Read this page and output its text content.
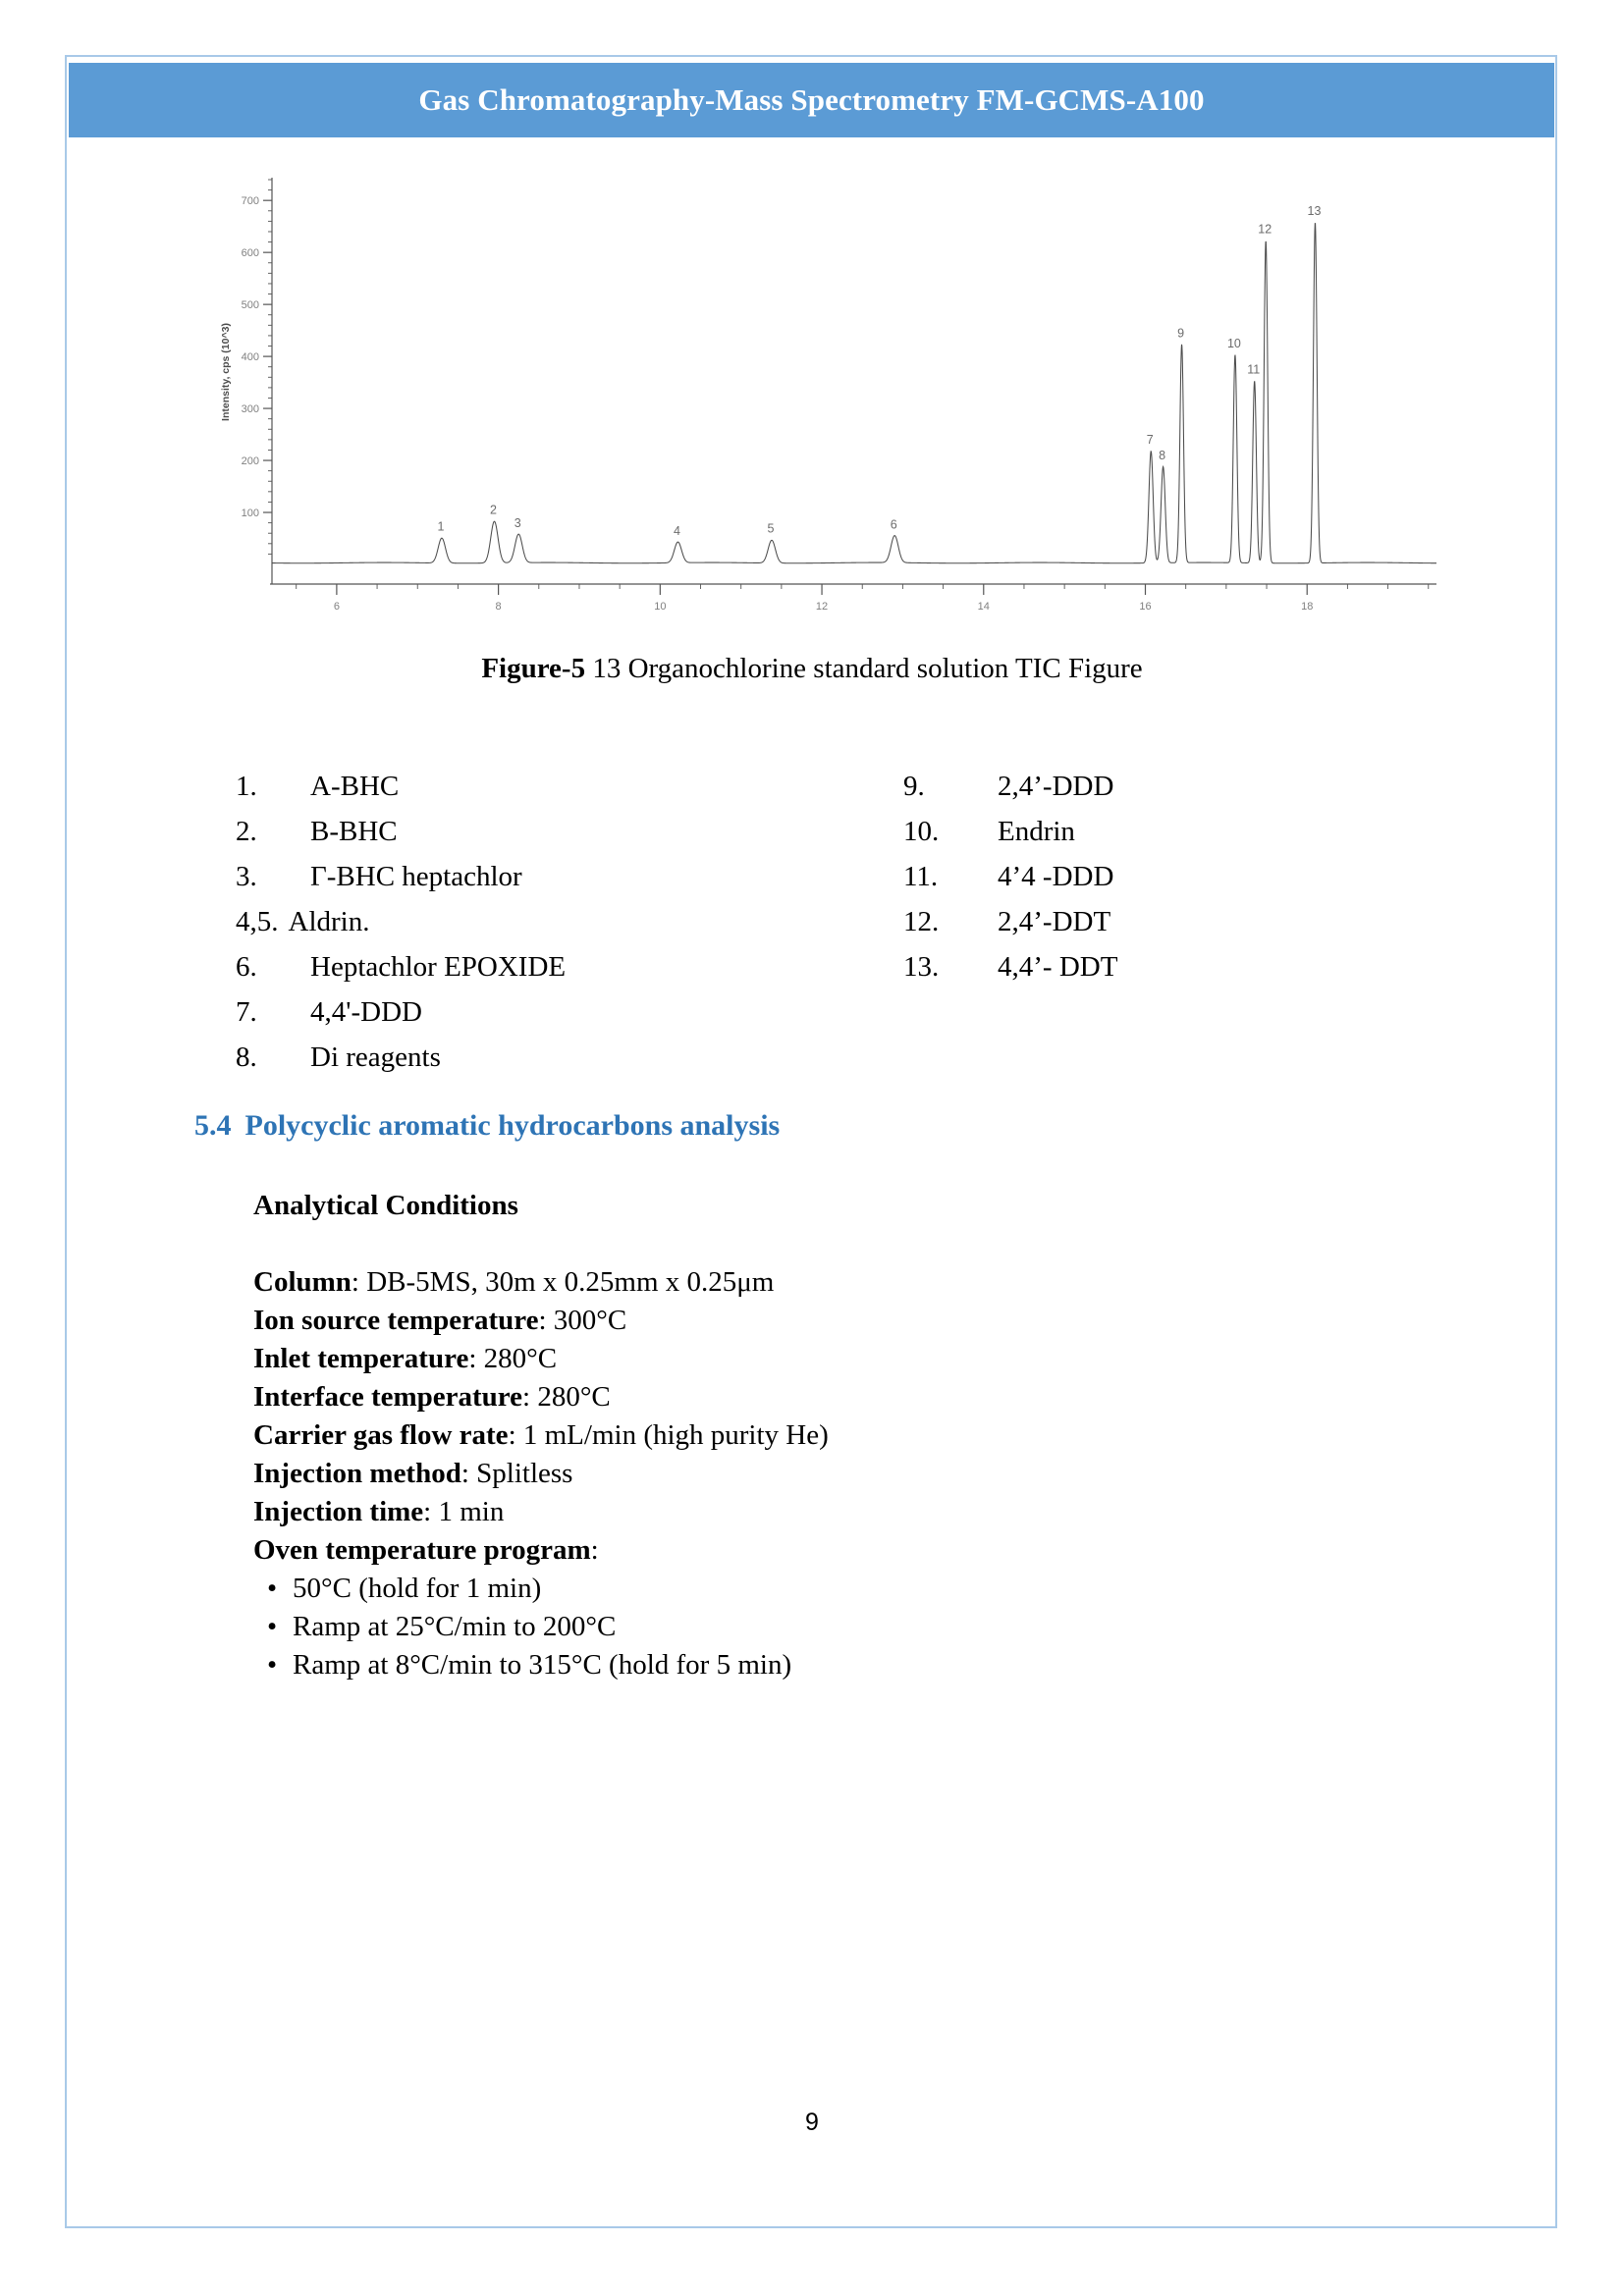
Gas Chromatography-Mass Spectrometry FM-GCMS-A100
100
200
300
400
500
600
700
Intensity, cps (10^3)
6	8	10	12	14	16	18
1
2
3
4	5	6
7
8
9
10
11
12
13
Figure-5 13 Organochlorine standard solution TIC Figure
1.	A-BHC
2.	B-BHC
3.	Γ-BHC heptachlor
4,5. Aldrin.
6.	Heptachlor EPOXIDE
7.	4,4'-DDD
8.	Di reagents
9.	2,4’-DDD
10.	Endrin
11.	4’4 -DDD
12.	2,4’-DDT
13.	4,4’- DDT
5.4 Polycyclic aromatic hydrocarbons analysis
Analytical Conditions
Column: DB-5MS, 30m x 0.25mm x 0.25μm
Ion source temperature: 300°C
Inlet temperature: 280°C
Interface temperature: 280°C
Carrier gas flow rate: 1 mL/min (high purity He)
Injection method: Splitless
Injection time: 1 min
Oven temperature program:
• 50°C (hold for 1 min)
• Ramp at 25°C/min to 200°C
• Ramp at 8°C/min to 315°C (hold for 5 min)
9
